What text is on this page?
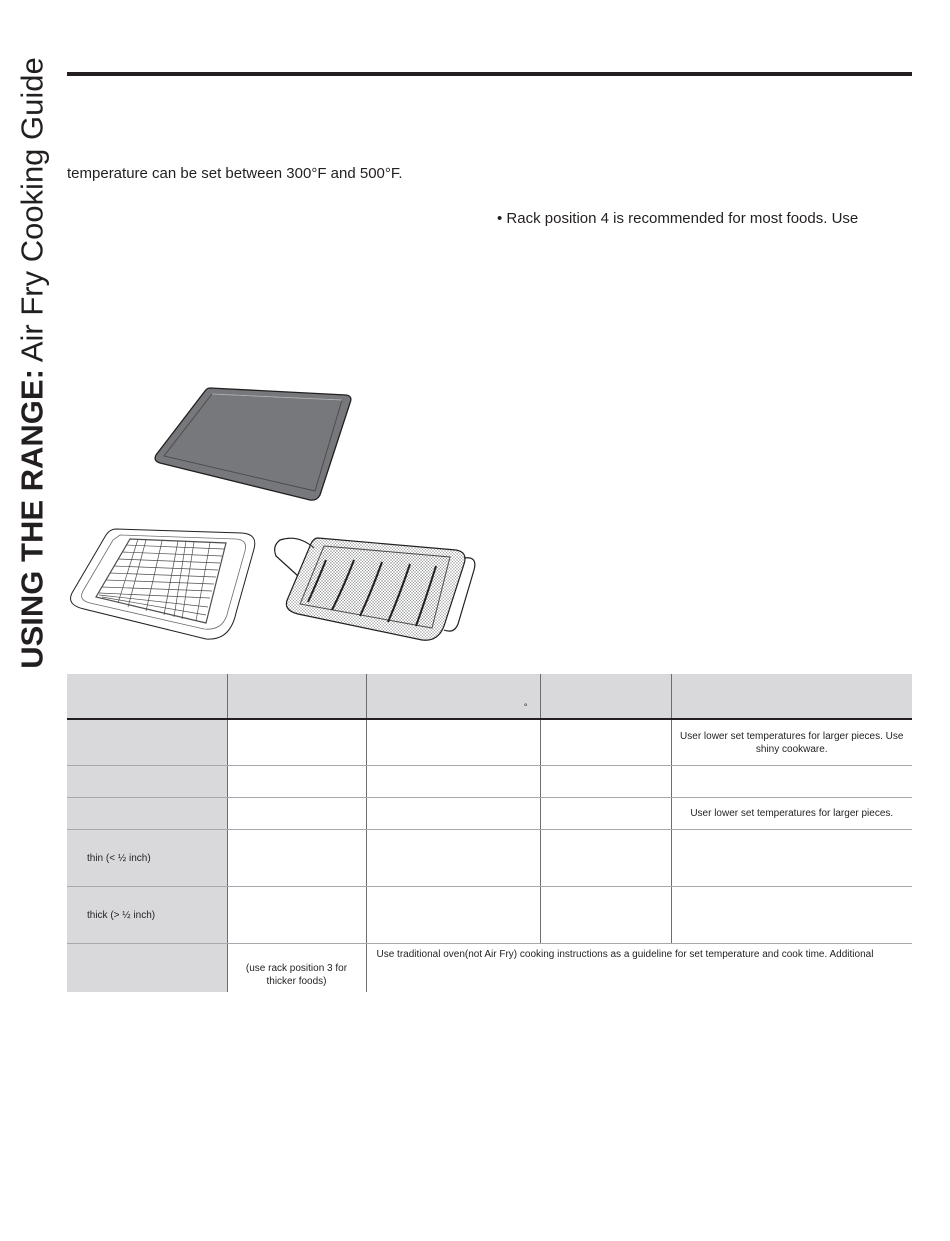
USING THE RANGE: Air Fry Cooking Guide temperature can be set between 300°F and 500°F.
• Rack position 4 is recommended for most foods. Use

		°		

				User lower set temperatures for larger pieces. Use shiny cookware.

				User lower set temperatures for larger pieces.
thin (< ½ inch)				
thick (> ½ inch)				
	(use rack position 3 for thicker foods)	Use traditional oven(not Air Fry) cooking instructions as a guideline for set temperature and cook time. Additional		
